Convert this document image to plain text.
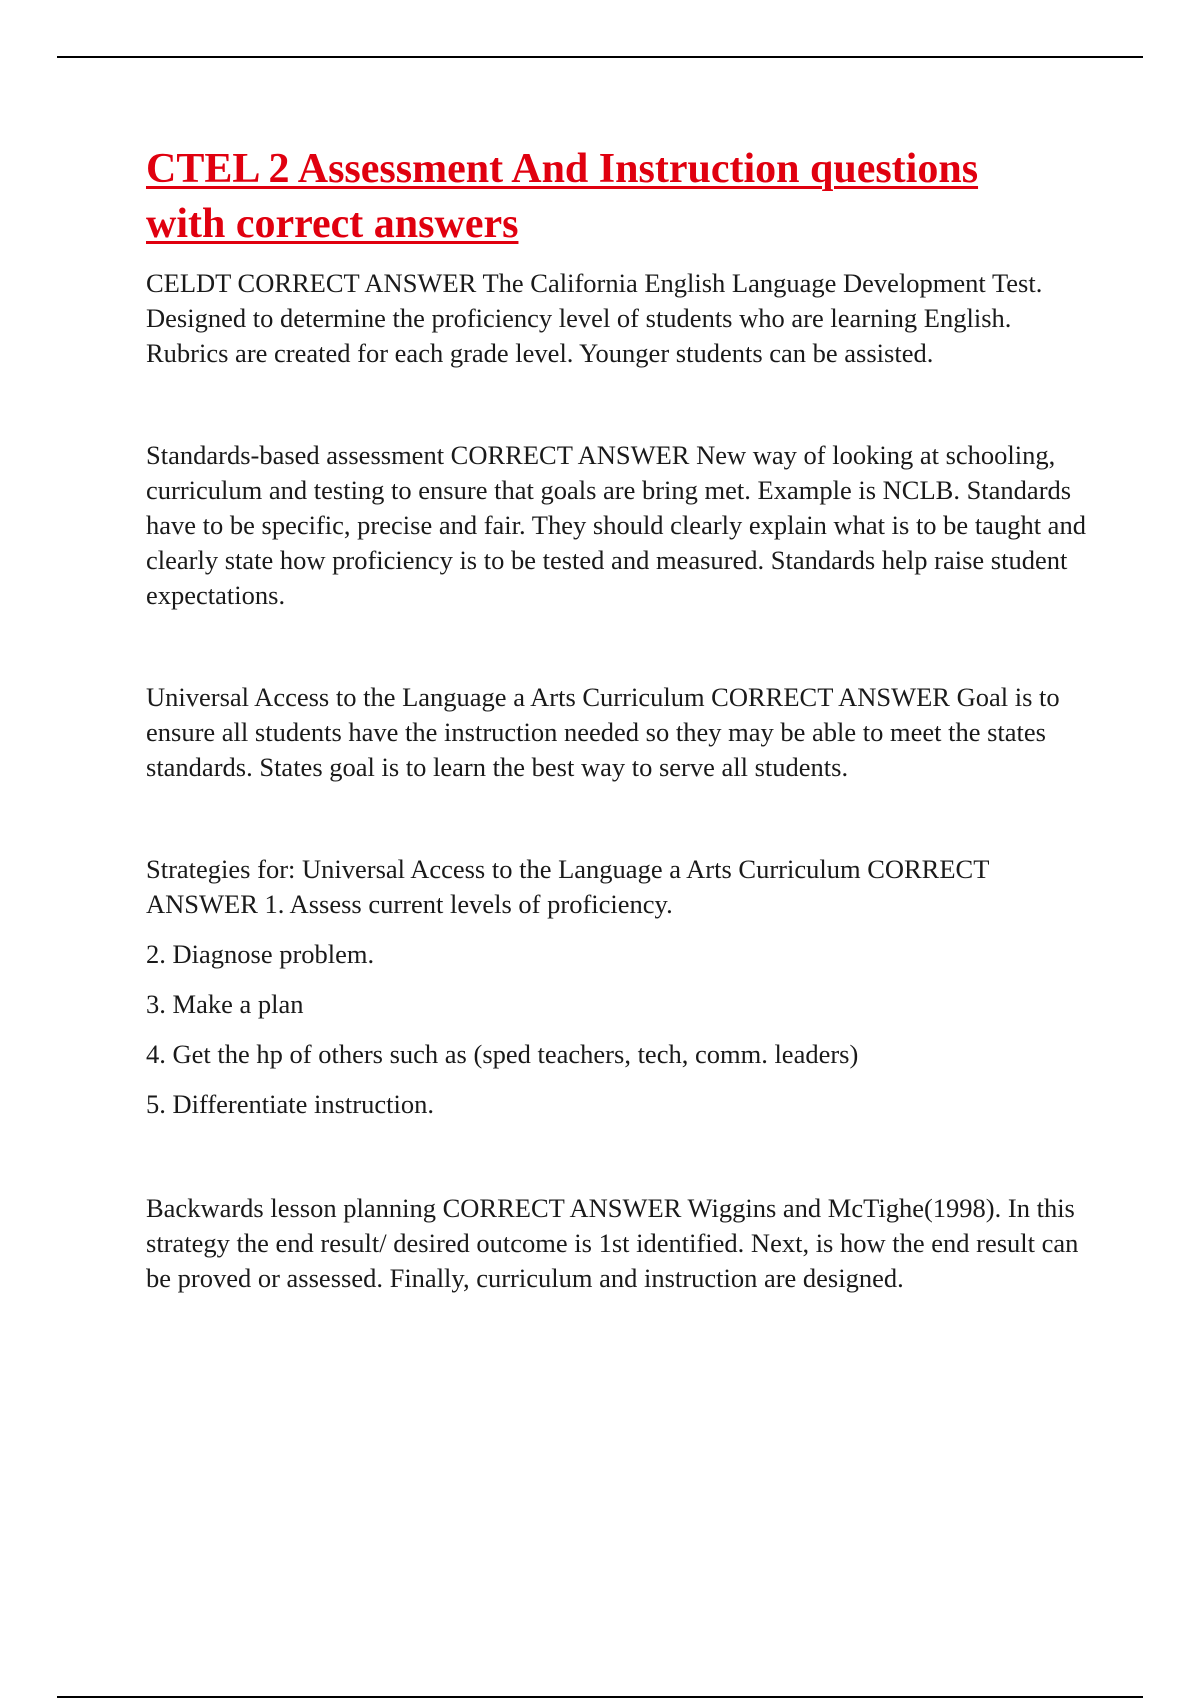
CTEL 2 Assessment And Instruction questions
with correct answers

CELDT CORRECT ANSWER The California English Language Development Test. Designed to determine the proficiency level of students who are learning English. Rubrics are created for each grade level. Younger students can be assisted.

Standards-based assessment CORRECT ANSWER New way of looking at schooling, curriculum and testing to ensure that goals are bring met. Example is NCLB. Standards have to be specific, precise and fair. They should clearly explain what is to be taught and clearly state how proficiency is to be tested and measured. Standards help raise student expectations.

Universal Access to the Language a Arts Curriculum CORRECT ANSWER Goal is to ensure all students have the instruction needed so they may be able to meet the states standards. States goal is to learn the best way to serve all students.

Strategies for: Universal Access to the Language a Arts Curriculum CORRECT ANSWER 1. Assess current levels of proficiency.

2. Diagnose problem.

3. Make a plan

4. Get the hp of others such as (sped teachers, tech, comm. leaders)

5. Differentiate instruction.

Backwards lesson planning CORRECT ANSWER Wiggins and McTighe(1998). In this strategy the end result/ desired outcome is 1st identified. Next, is how the end result can be proved or assessed. Finally, curriculum and instruction are designed.
